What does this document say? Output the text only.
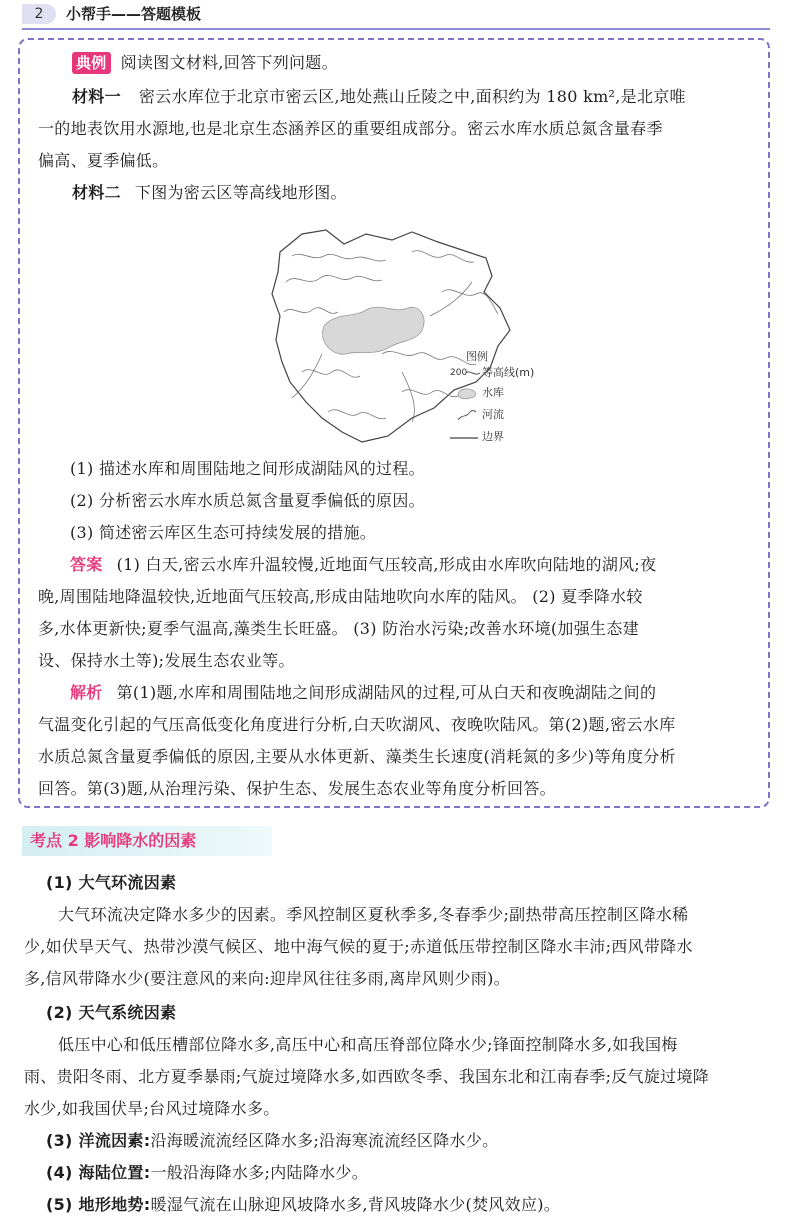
2	小帮手——答题模板
典例 阅读图文材料,回答下列问题。
材料一 密云水库位于北京市密云区,地处燕山丘陵之中,面积约为 180 km²,是北京唯
一的地表饮用水源地,也是北京生态涵养区的重要组成部分。密云水库水质总氮含量春季
偏高、夏季偏低。
材料二 下图为密云区等高线地形图。
图例
200 等高线(m)
水库
河流
边界
(1) 描述水库和周围陆地之间形成湖陆风的过程。
(2) 分析密云水库水质总氮含量夏季偏低的原因。
(3) 简述密云库区生态可持续发展的措施。
答案 (1) 白天,密云水库升温较慢,近地面气压较高,形成由水库吹向陆地的湖风;夜
晚,周围陆地降温较快,近地面气压较高,形成由陆地吹向水库的陆风。 (2) 夏季降水较
多,水体更新快;夏季气温高,藻类生长旺盛。 (3) 防治水污染;改善水环境(加强生态建
设、保持水土等);发展生态农业等。
解析 第(1)题,水库和周围陆地之间形成湖陆风的过程,可从白天和夜晚湖陆之间的
气温变化引起的气压高低变化角度进行分析,白天吹湖风、夜晚吹陆风。第(2)题,密云水库
水质总氮含量夏季偏低的原因,主要从水体更新、藻类生长速度(消耗氮的多少)等角度分析
回答。第(3)题,从治理污染、保护生态、发展生态农业等角度分析回答。
考点 2 影响降水的因素
(1) 大气环流因素
大气环流决定降水多少的因素。季风控制区夏秋季多,冬春季少;副热带高压控制区降水稀
少,如伏旱天气、热带沙漠气候区、地中海气候的夏于;赤道低压带控制区降水丰沛;西风带降水
多,信风带降水少(要注意风的来向:迎岸风往往多雨,离岸风则少雨)。
(2) 天气系统因素
低压中心和低压槽部位降水多,高压中心和高压脊部位降水少;锋面控制降水多,如我国梅
雨、贵阳冬雨、北方夏季暴雨;气旋过境降水多,如西欧冬季、我国东北和江南春季;反气旋过境降
水少,如我国伏旱;台风过境降水多。
(3) 洋流因素:沿海暖流流经区降水多;沿海寒流流经区降水少。
(4) 海陆位置:一般沿海降水多;内陆降水少。
(5) 地形地势:暖湿气流在山脉迎风坡降水多,背风坡降水少(焚风效应)。
